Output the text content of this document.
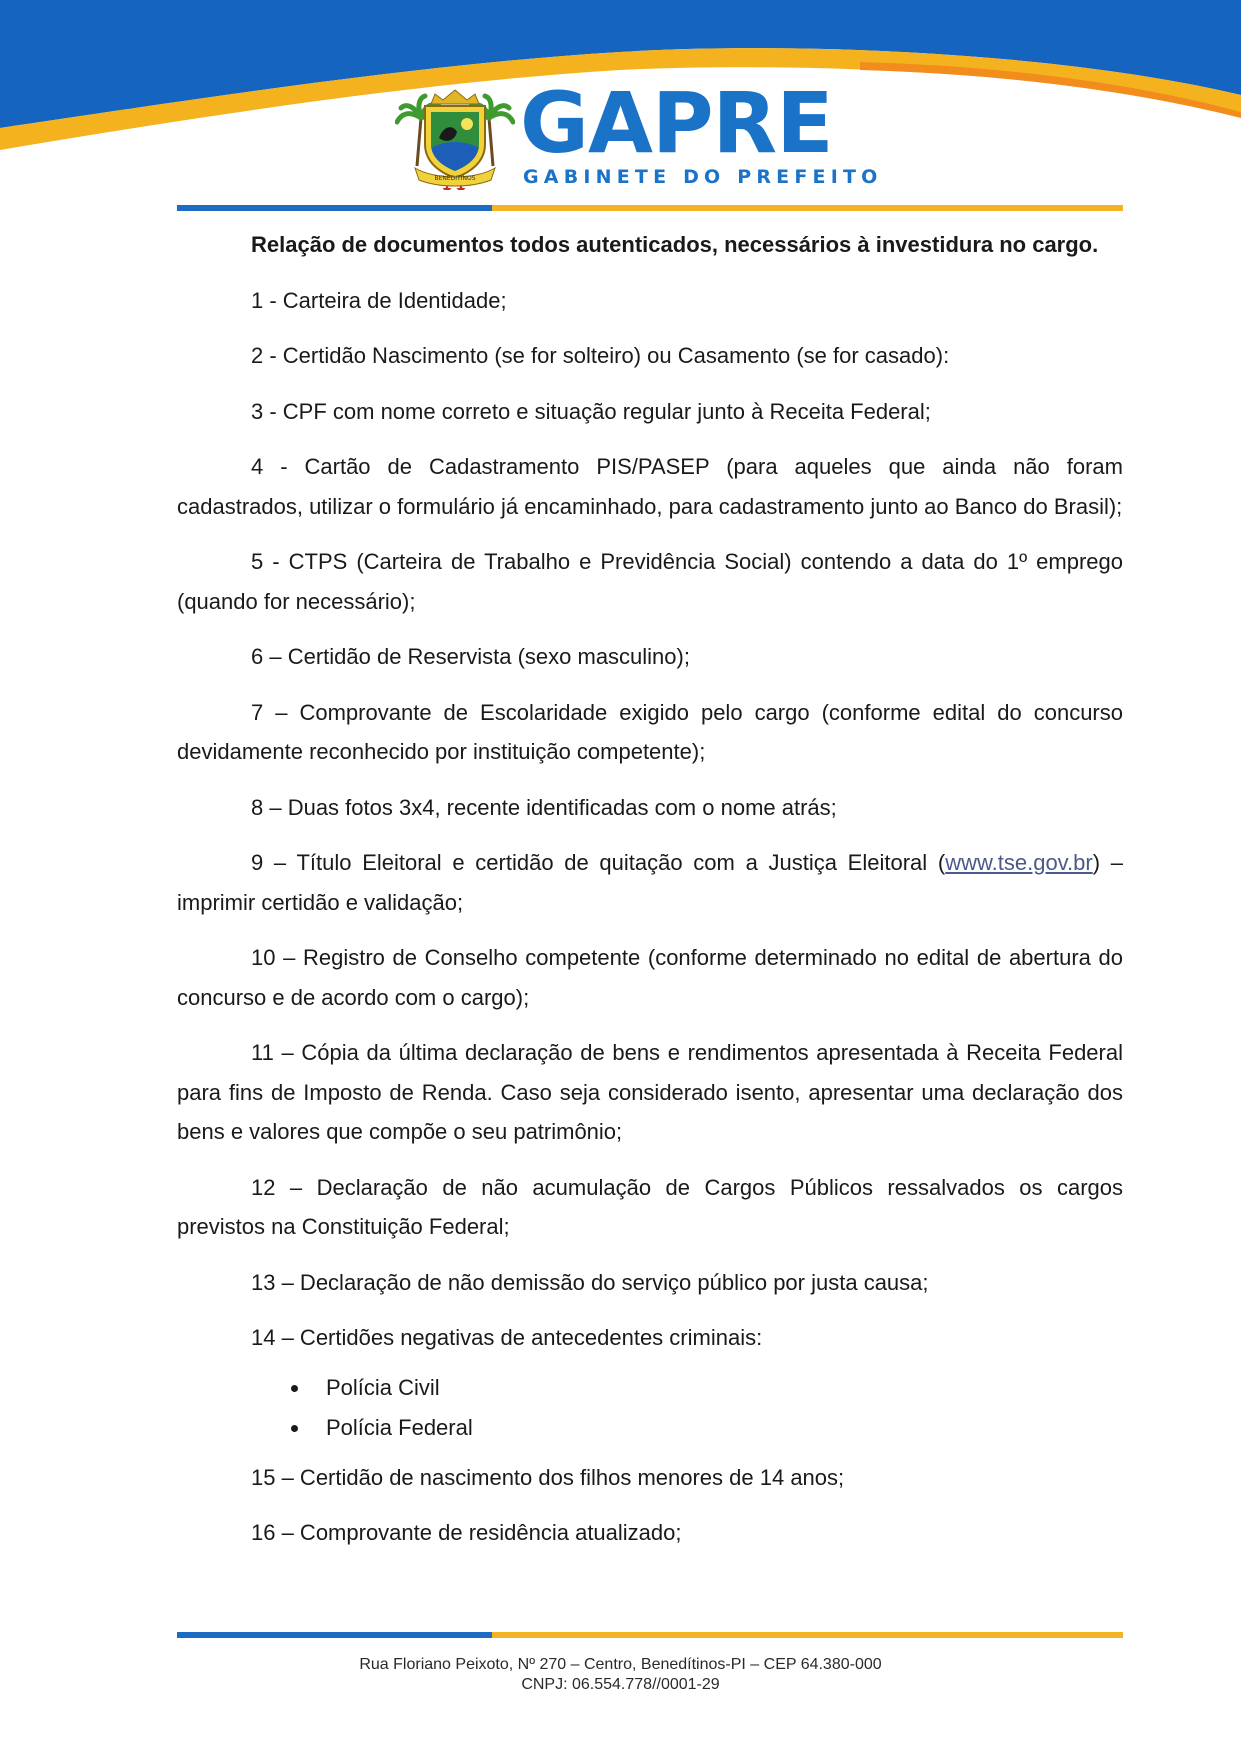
BENEDITINOS
GAPRE
GABINETE DO PREFEITO

Relação de documentos todos autenticados, necessários à investidura no cargo.

1 - Carteira de Identidade;

2 - Certidão Nascimento (se for solteiro) ou Casamento (se for casado):

3 - CPF com nome correto e situação regular junto à Receita Federal;

4 - Cartão de Cadastramento PIS/PASEP (para aqueles que ainda não foram cadastrados, utilizar o formulário já encaminhado, para cadastramento junto ao Banco do Brasil);

5 - CTPS (Carteira de Trabalho e Previdência Social) contendo a data do 1º emprego (quando for necessário);

6 – Certidão de Reservista (sexo masculino);

7 – Comprovante de Escolaridade exigido pelo cargo (conforme edital do concurso devidamente reconhecido por instituição competente);

8 – Duas fotos 3x4, recente identificadas com o nome atrás;

9 – Título Eleitoral e certidão de quitação com a Justiça Eleitoral (www.tse.gov.br) – imprimir certidão e validação;

10 – Registro de Conselho competente (conforme determinado no edital de abertura do concurso e de acordo com o cargo);

11 – Cópia da última declaração de bens e rendimentos apresentada à Receita Federal para fins de Imposto de Renda. Caso seja considerado isento, apresentar uma declaração dos bens e valores que compõe o seu patrimônio;

12 – Declaração de não acumulação de Cargos Públicos ressalvados os cargos previstos na Constituição Federal;

13 – Declaração de não demissão do serviço público por justa causa;

14 – Certidões negativas de antecedentes criminais:

Polícia Civil
Polícia Federal

15 – Certidão de nascimento dos filhos menores de 14 anos;

16 – Comprovante de residência atualizado;

Rua Floriano Peixoto, Nº 270 – Centro, Benedítinos-PI – CEP 64.380-000
CNPJ: 06.554.778//0001-29
